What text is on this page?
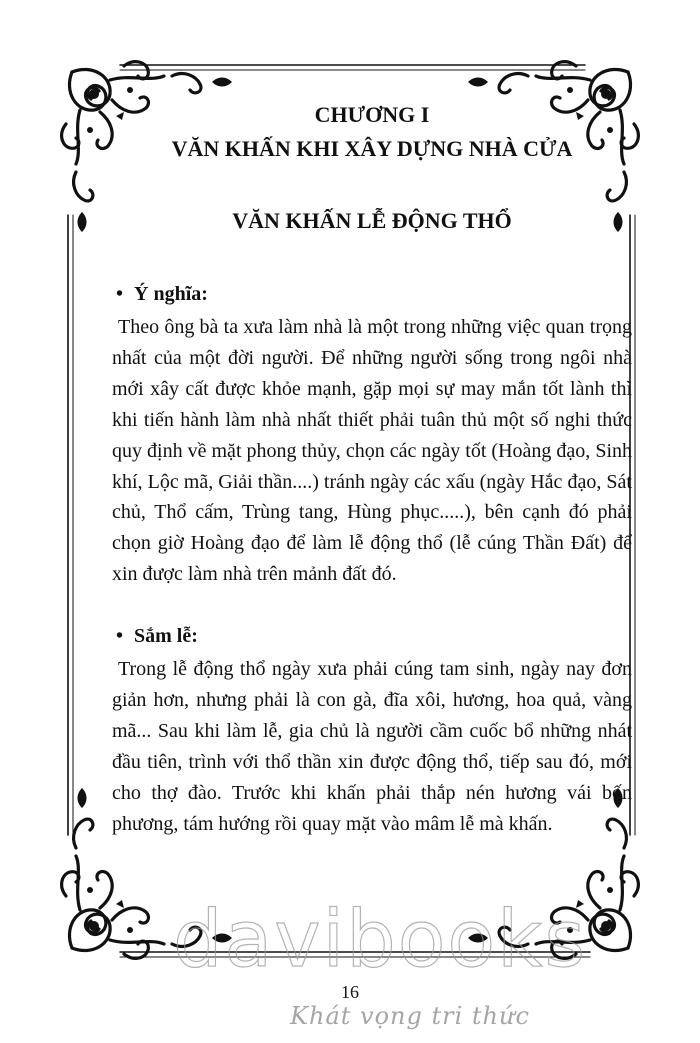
CHƯƠNG I
VĂN KHẤN KHI XÂY DỰNG NHÀ CỬA
VĂN KHẤN LỄ ĐỘNG THỔ
• Ý nghĩa:

Theo ông bà ta xưa làm nhà là một trong những việc quan trọng nhất của một đời người. Để những người sống trong ngôi nhà mới xây cất được khỏe mạnh, gặp mọi sự may mắn tốt lành thì khi tiến hành làm nhà nhất thiết phải tuân thủ một số nghi thức quy định về mặt phong thủy, chọn các ngày tốt (Hoàng đạo, Sinh khí, Lộc mã, Giải thần....) tránh ngày các xấu (ngày Hắc đạo, Sát chủ, Thổ cấm, Trùng tang, Hùng phục.....), bên cạnh đó phải chọn giờ Hoàng đạo để làm lễ động thổ (lễ cúng Thần Đất) để xin được làm nhà trên mảnh đất đó.

• Sắm lễ:

Trong lễ động thổ ngày xưa phải cúng tam sinh, ngày nay đơn giản hơn, nhưng phải là con gà, đĩa xôi, hương, hoa quả, vàng mã... Sau khi làm lễ, gia chủ là người cầm cuốc bổ những nhát đầu tiên, trình với thổ thần xin được động thổ, tiếp sau đó, mới cho thợ đào. Trước khi khấn phải thắp nén hương vái bốn phương, tám hướng rồi quay mặt vào mâm lễ mà khấn.

davibooks
16
Khát vọng tri thức
